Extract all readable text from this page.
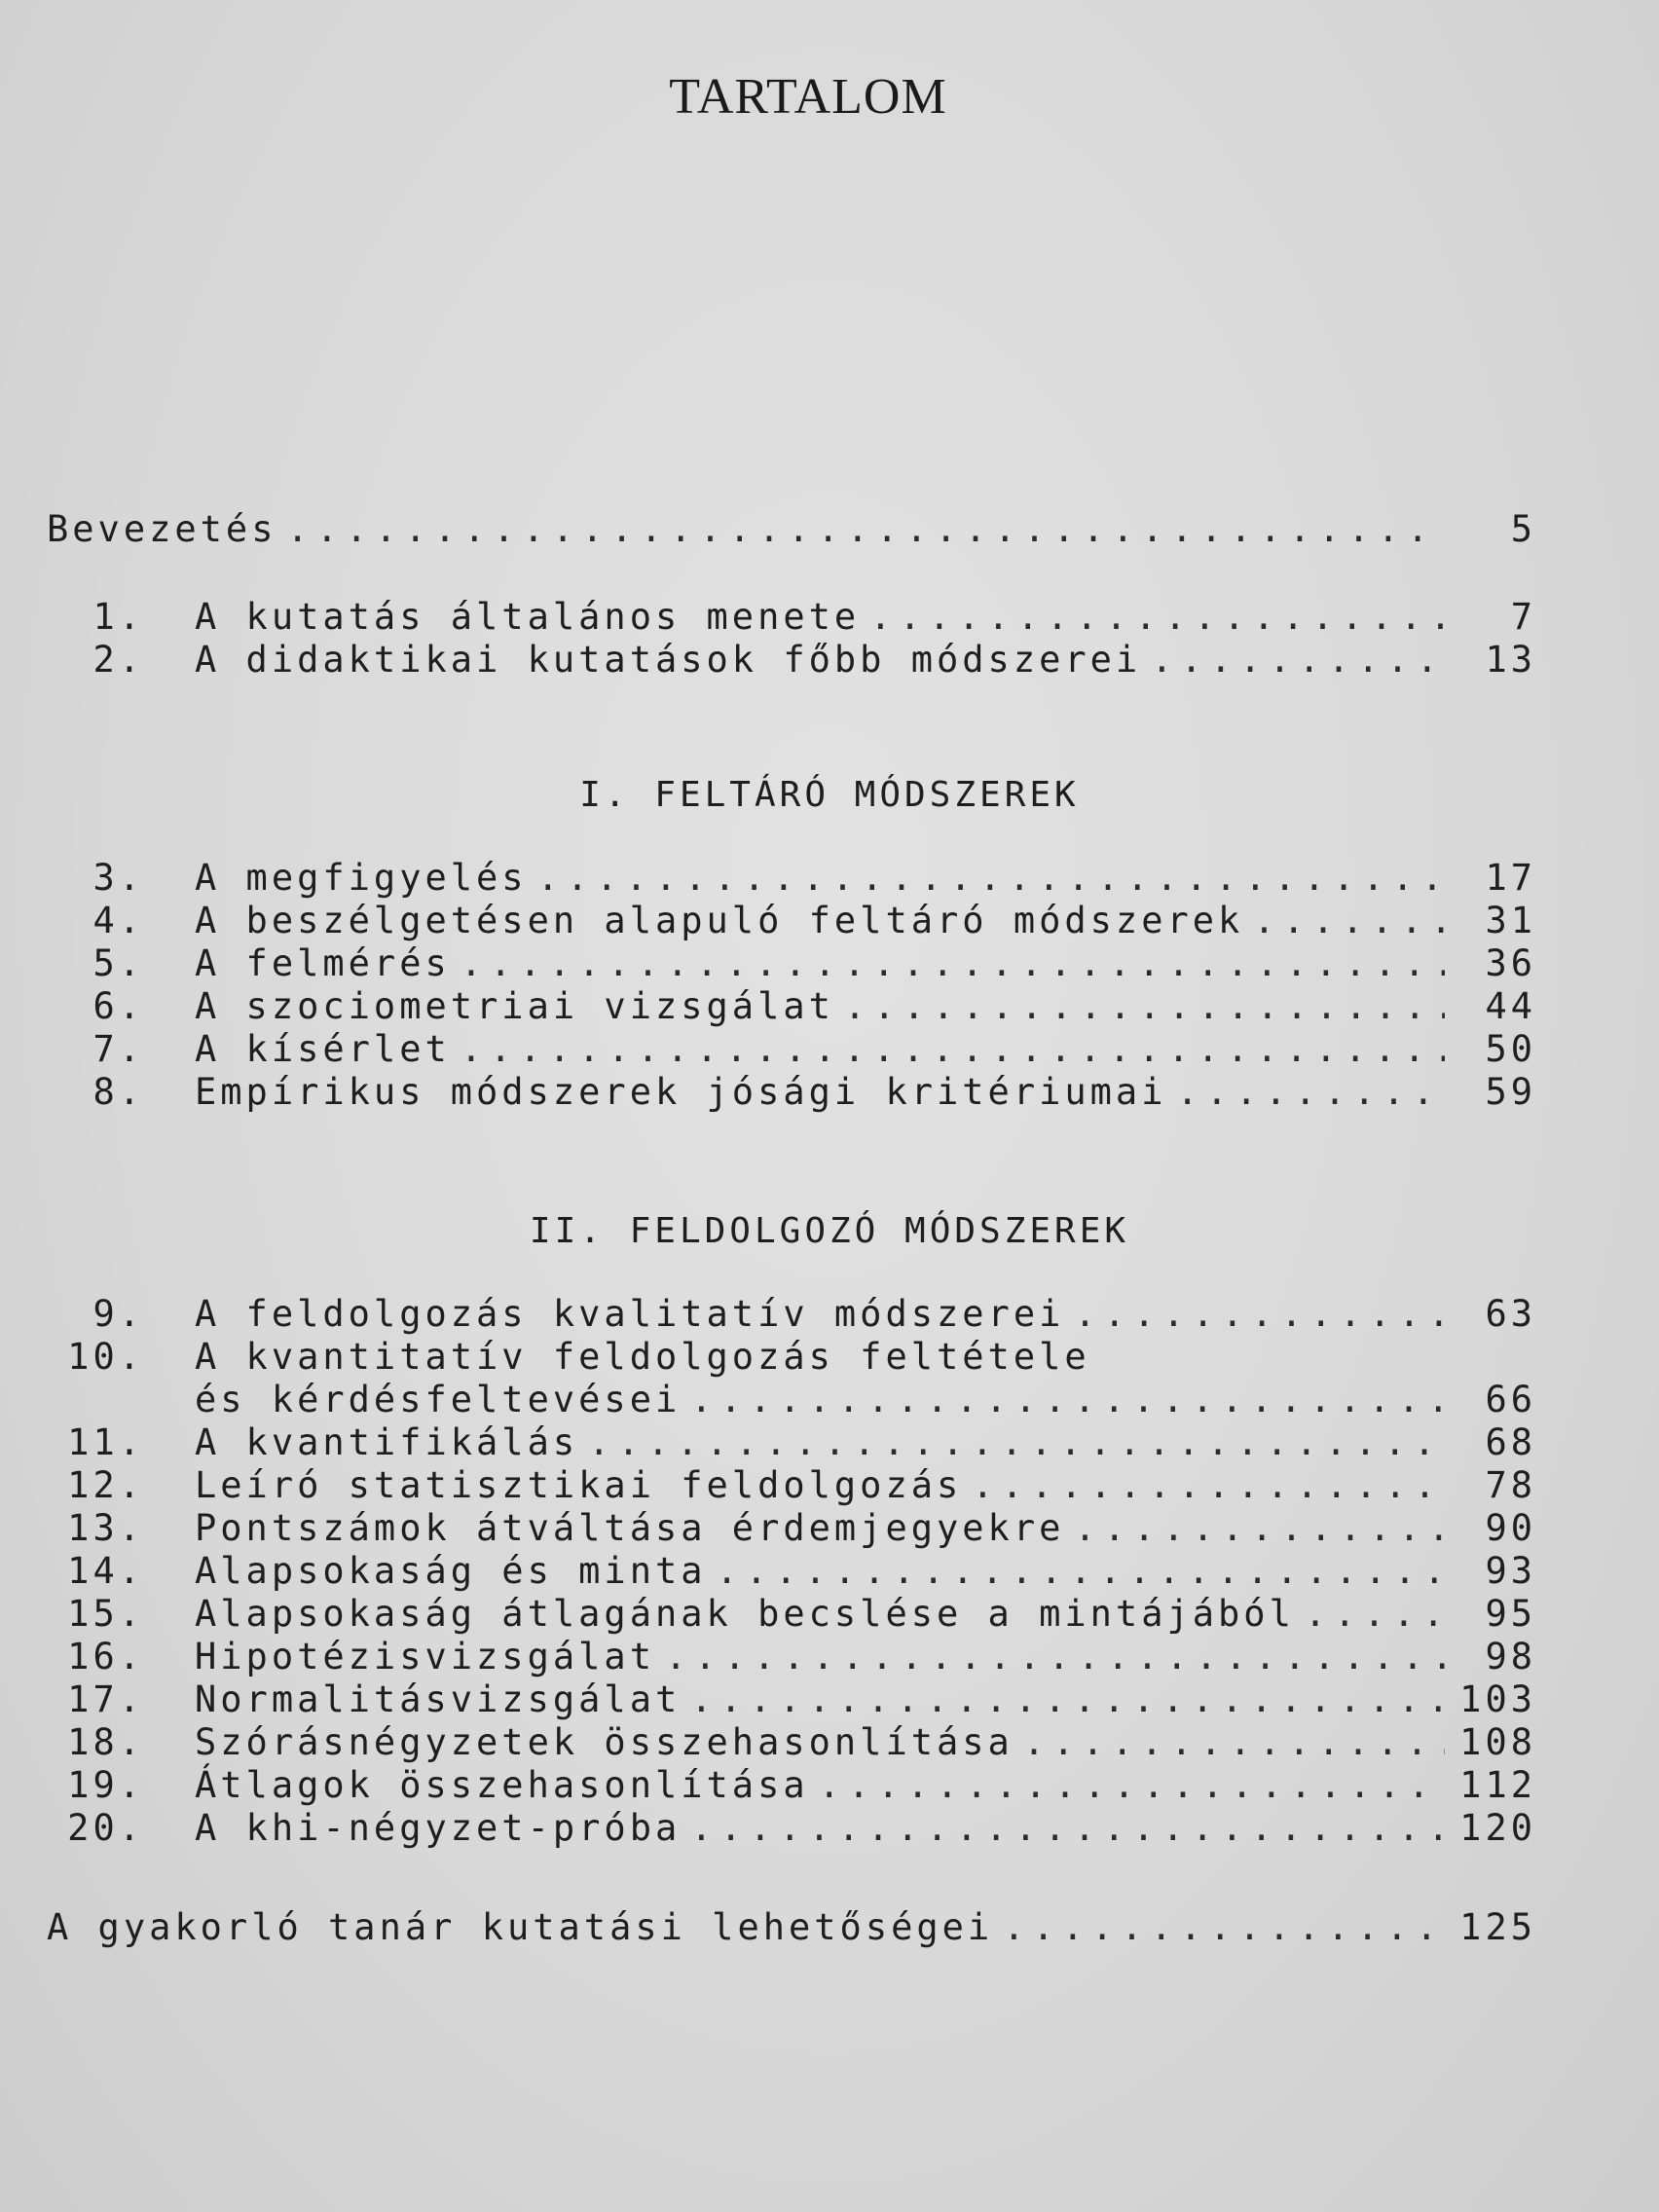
TARTALOM
Bevezetés .....	5
1.	A kutatás általános menete .....	7
2.	A didaktikai kutatások főbb módszerei .....	13
I. FELTÁRÓ MÓDSZEREK
3.	A megfigyelés .....	17
4.	A beszélgetésen alapuló feltáró módszerek .....	31
5.	A felmérés .....	36
6.	A szociometriai vizsgálat .....	44
7.	A kísérlet .....	50
8.	Empírikus módszerek jósági kritériumai .....	59
II. FELDOLGOZÓ MÓDSZEREK
9.	A feldolgozás kvalitatív módszerei .....	63
10.	A kvantitatív feldolgozás feltétele
és kérdésfeltevései .....	66
11.	A kvantifikálás .....	68
12.	Leíró statisztikai feldolgozás .....	78
13.	Pontszámok átváltása érdemjegyekre .....	90
14.	Alapsokaság és minta .....	93
15.	Alapsokaság átlagának becslése a mintájából .....	95
16.	Hipotézisvizsgálat .....	98
17.	Normalitásvizsgálat .....	103
18.	Szórásnégyzetek összehasonlítása .....	108
19.	Átlagok összehasonlítása .....	112
20.	A khi-négyzet-próba .....	120
A gyakorló tanár kutatási lehetőségei .....	125
